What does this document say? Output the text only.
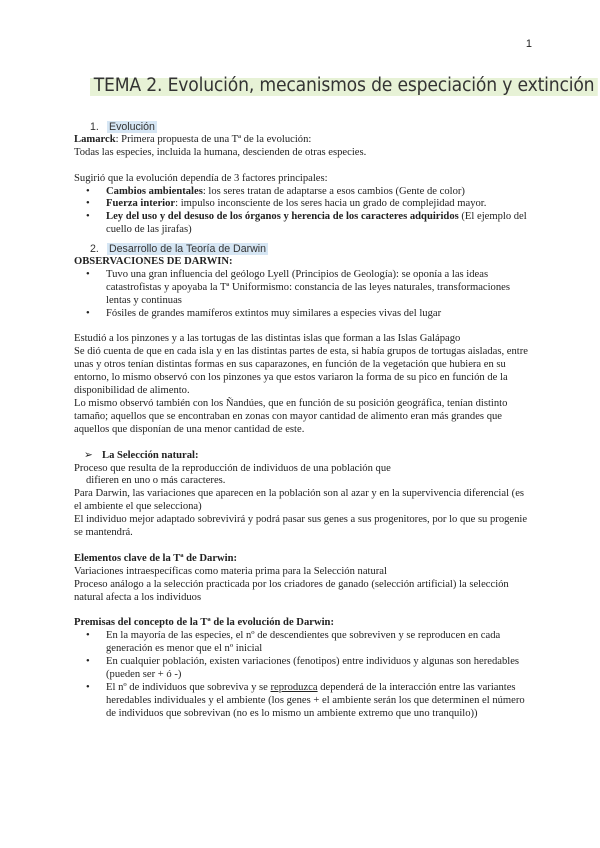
1
TEMA 2. Evolución, mecanismos de especiación y extinción
1. Evolución

Lamarck: Primera propuesta de una Tª de la evolución:

Todas las especies, incluida la humana, descienden de otras especies.

Sugirió que la evolución dependía de 3 factores principales:

• Cambios ambientales: los seres tratan de adaptarse a esos cambios (Gente de color)
• Fuerza interior: impulso inconsciente de los seres hacia un grado de complejidad mayor.
• Ley del uso y del desuso de los órganos y herencia de los caracteres adquiridos (El ejemplo del cuello de las jirafas)
2. Desarrollo de la Teoría de Darwin

OBSERVACIONES DE DARWIN:

• Tuvo una gran influencia del geólogo Lyell (Principios de Geología): se oponía a las ideas catastrofistas y apoyaba la Tª Uniformismo: constancia de las leyes naturales, transformaciones lentas y continuas
• Fósiles de grandes mamíferos extintos muy similares a especies vivas del lugar

Estudió a los pinzones y a las tortugas de las distintas islas que forman a las Islas Galápago

Se dió cuenta de que en cada isla y en las distintas partes de esta, si había grupos de tortugas aisladas, entre unas y otros tenían distintas formas en sus caparazones, en función de la vegetación que hubiera en su entorno, lo mismo observó con los pinzones ya que estos variaron la forma de su pico en función de la disponibilidad de alimento.

Lo mismo observó también con los Ñandúes, que en función de su posición geográfica, tenían distinto tamaño; aquellos que se encontraban en zonas con mayor cantidad de alimento eran más grandes que aquellos que disponían de una menor cantidad de este.

➢ La Selección natural:

Proceso que resulta de la reproducción de individuos de una población que

difieren en uno o más caracteres.

Para Darwin, las variaciones que aparecen en la población son al azar y en la supervivencia diferencial (es el ambiente el que selecciona)

El individuo mejor adaptado sobrevivirá y podrá pasar sus genes a sus progenitores, por lo que su progenie se mantendrá.

Elementos clave de la Tª de Darwin:

Variaciones intraespecíficas como materia prima para la Selección natural

Proceso análogo a la selección practicada por los criadores de ganado (selección artificial) la selección natural afecta a los individuos

Premisas del concepto de la Tª de la evolución de Darwin:

• En la mayoría de las especies, el nº de descendientes que sobreviven y se reproducen en cada generación es menor que el nº inicial
• En cualquier población, existen variaciones (fenotipos) entre individuos y algunas son heredables (pueden ser + ó -)
• El nº de individuos que sobreviva y se reproduzca dependerá de la interacción entre las variantes heredables individuales y el ambiente (los genes + el ambiente serán los que determinen el número de individuos que sobrevivan (no es lo mismo un ambiente extremo que uno tranquilo))
